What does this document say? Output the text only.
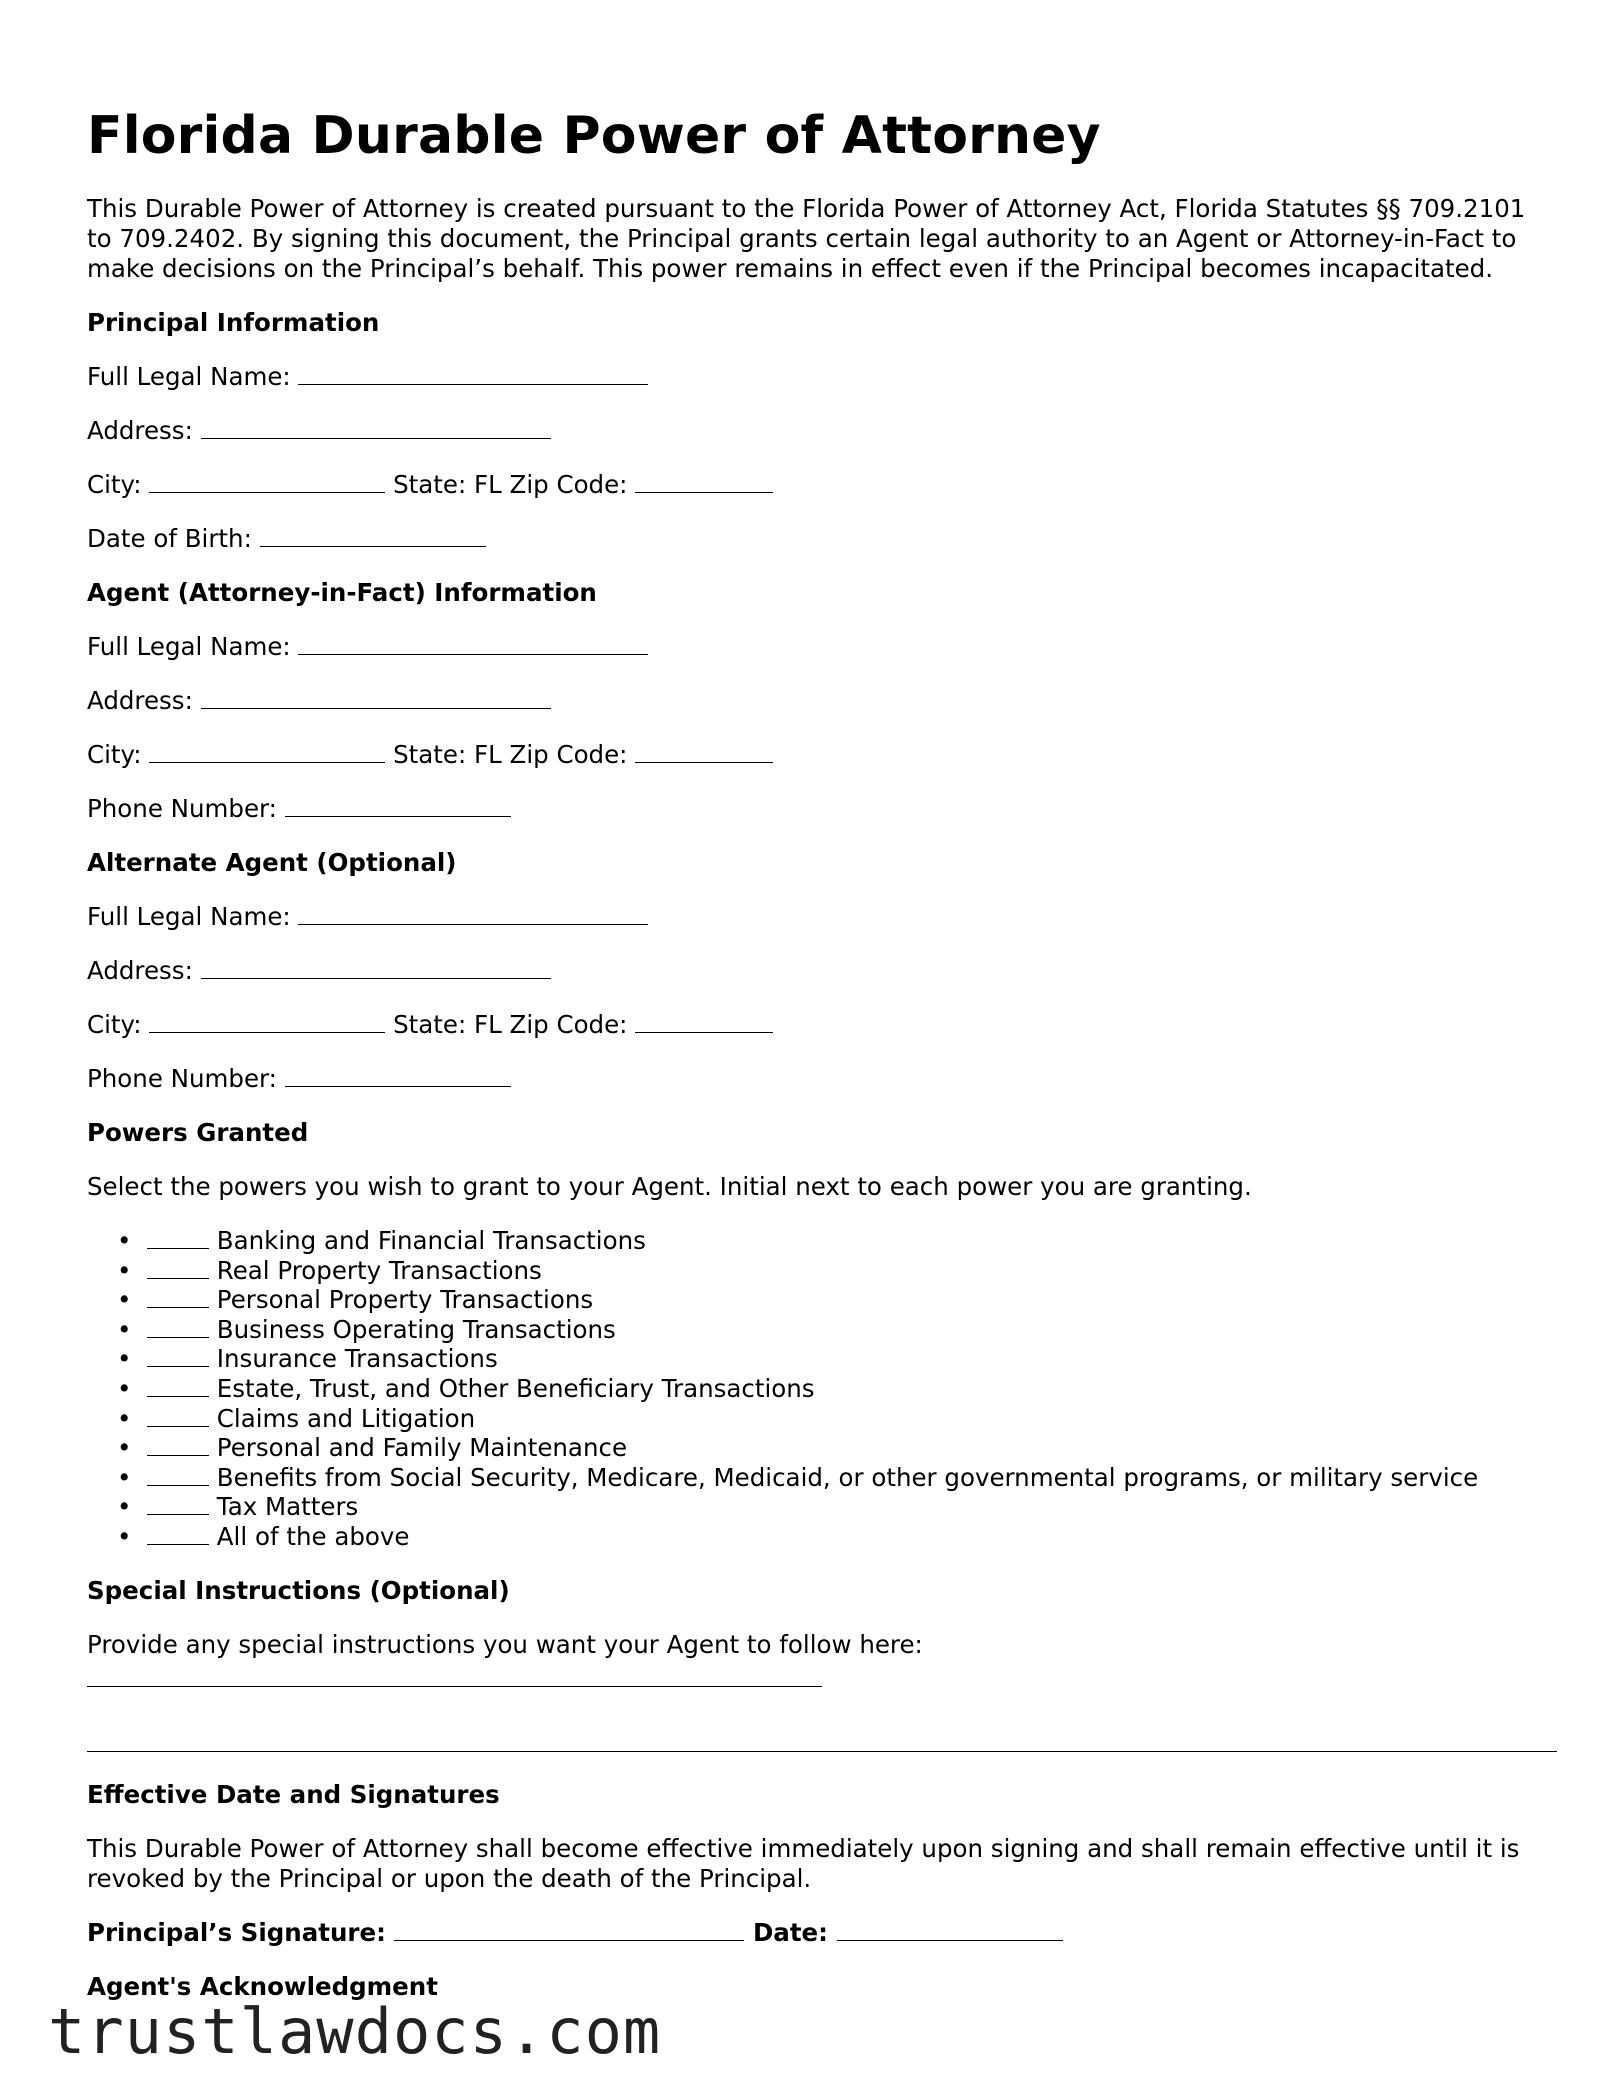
Florida Durable Power of Attorney

This Durable Power of Attorney is created pursuant to the Florida Power of Attorney Act, Florida Statutes §§ 709.2101 to 709.2402. By signing this document, the Principal grants certain legal authority to an Agent or Attorney-in-Fact to make decisions on the Principal’s behalf. This power remains in effect even if the Principal becomes incapacitated.

Principal Information
Full Legal Name:
Address:
City:	State: FL Zip Code:
Date of Birth:
Agent (Attorney-in-Fact) Information
Full Legal Name:
Address:
City:	State: FL Zip Code:
Phone Number:
Alternate Agent (Optional)
Full Legal Name:
Address:
City:	State: FL Zip Code:
Phone Number:
Powers Granted

Select the powers you wish to grant to your Agent. Initial next to each power you are granting.

• Banking and Financial Transactions
• Real Property Transactions
• Personal Property Transactions
• Business Operating Transactions
• Insurance Transactions
• Estate, Trust, and Other Beneficiary Transactions
• Claims and Litigation
• Personal and Family Maintenance
• Benefits from Social Security, Medicare, Medicaid, or other governmental programs, or military service
• Tax Matters
• All of the above
Special Instructions (Optional)

Provide any special instructions you want your Agent to follow here:

Effective Date and Signatures

This Durable Power of Attorney shall become effective immediately upon signing and shall remain effective until it is revoked by the Principal or upon the death of the Principal.

Principal’s Signature:	Date:
Agent's Acknowledgment
trustlawdocs.com
